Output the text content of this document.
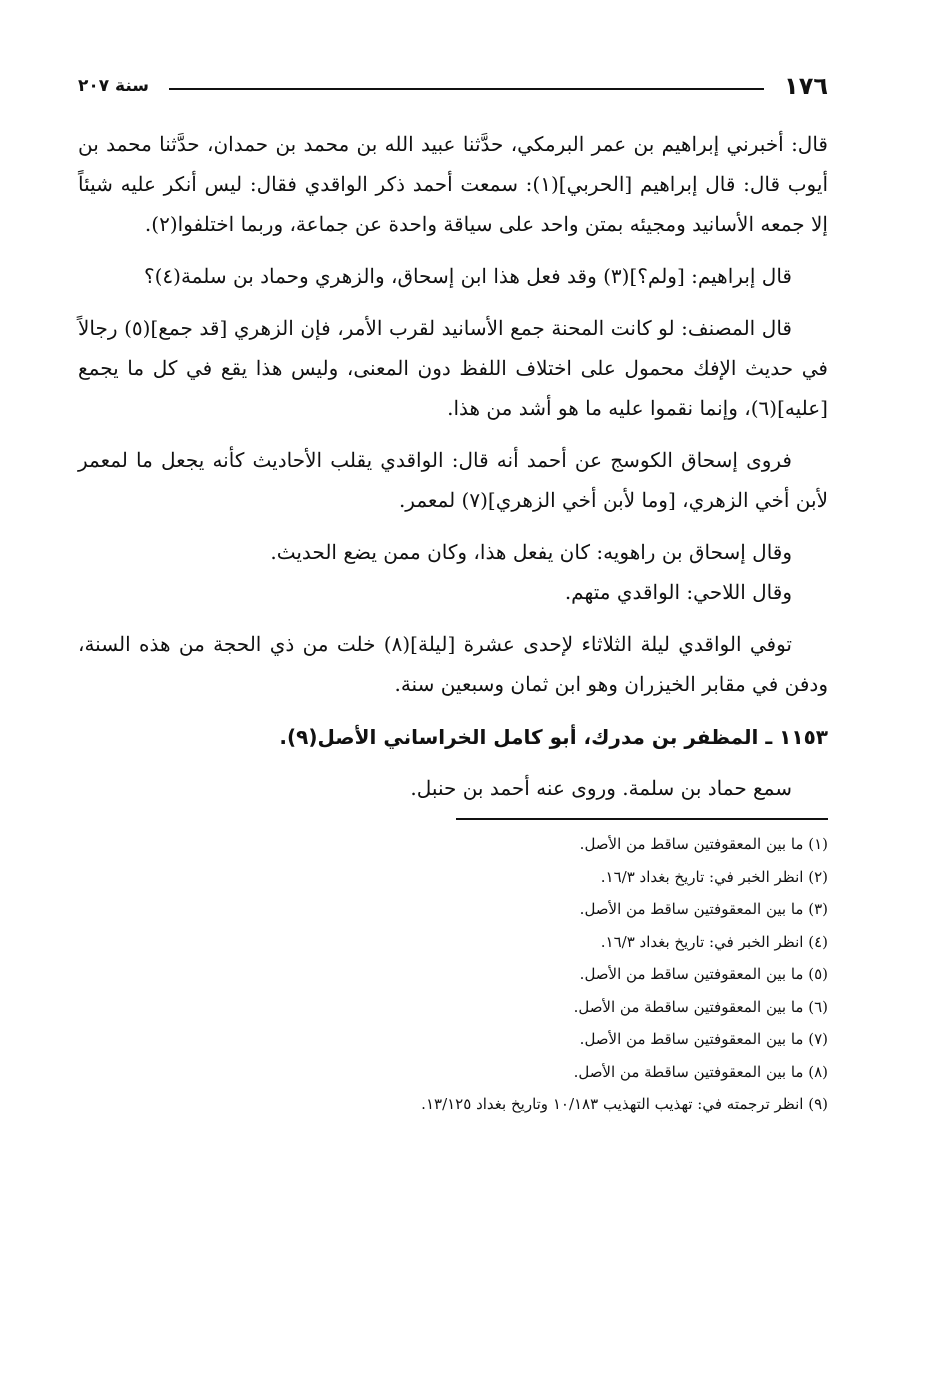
١٧٦
سنة ٢٠٧

قال: أخبرني إبراهيم بن عمر البرمكي، حدَّثنا عبيد الله بن محمد بن حمدان، حدَّثنا محمد بن أيوب قال: قال إبراهيم [الحربي](١): سمعت أحمد ذكر الواقدي فقال: ليس أنكر عليه شيئاً إلا جمعه الأسانيد ومجيئه بمتن واحد على سياقة واحدة عن جماعة، وربما اختلفوا(٢).

قال إبراهيم: [ولم؟](٣) وقد فعل هذا ابن إسحاق، والزهري وحماد بن سلمة(٤)؟

قال المصنف: لو كانت المحنة جمع الأسانيد لقرب الأمر، فإن الزهري [قد جمع](٥) رجالاً في حديث الإفك محمول على اختلاف اللفظ دون المعنى، وليس هذا يقع في كل ما يجمع [عليه](٦)، وإنما نقموا عليه ما هو أشد من هذا.

فروى إسحاق الكوسج عن أحمد أنه قال: الواقدي يقلب الأحاديث كأنه يجعل ما لمعمر لأبن أخي الزهري، [وما لأبن أخي الزهري](٧) لمعمر.

وقال إسحاق بن راهويه: كان يفعل هذا، وكان ممن يضع الحديث.

وقال اللاحي: الواقدي متهم.

توفي الواقدي ليلة الثلاثاء لإحدى عشرة [ليلة](٨) خلت من ذي الحجة من هذه السنة، ودفن في مقابر الخيزران وهو ابن ثمان وسبعين سنة.

١١٥٣ ـ المظفر بن مدرك، أبو كامل الخراساني الأصل(٩).

سمع حماد بن سلمة. وروى عنه أحمد بن حنبل.

(١) ما بين المعقوفتين ساقط من الأصل.
(٢) انظر الخبر في: تاريخ بغداد ١٦/٣.
(٣) ما بين المعقوفتين ساقط من الأصل.
(٤) انظر الخبر في: تاريخ بغداد ١٦/٣.
(٥) ما بين المعقوفتين ساقط من الأصل.
(٦) ما بين المعقوفتين ساقطة من الأصل.
(٧) ما بين المعقوفتين ساقط من الأصل.
(٨) ما بين المعقوفتين ساقطة من الأصل.
(٩) انظر ترجمته في: تهذيب التهذيب ١٠/١٨٣ وتاريخ بغداد ١٣/١٢٥.
